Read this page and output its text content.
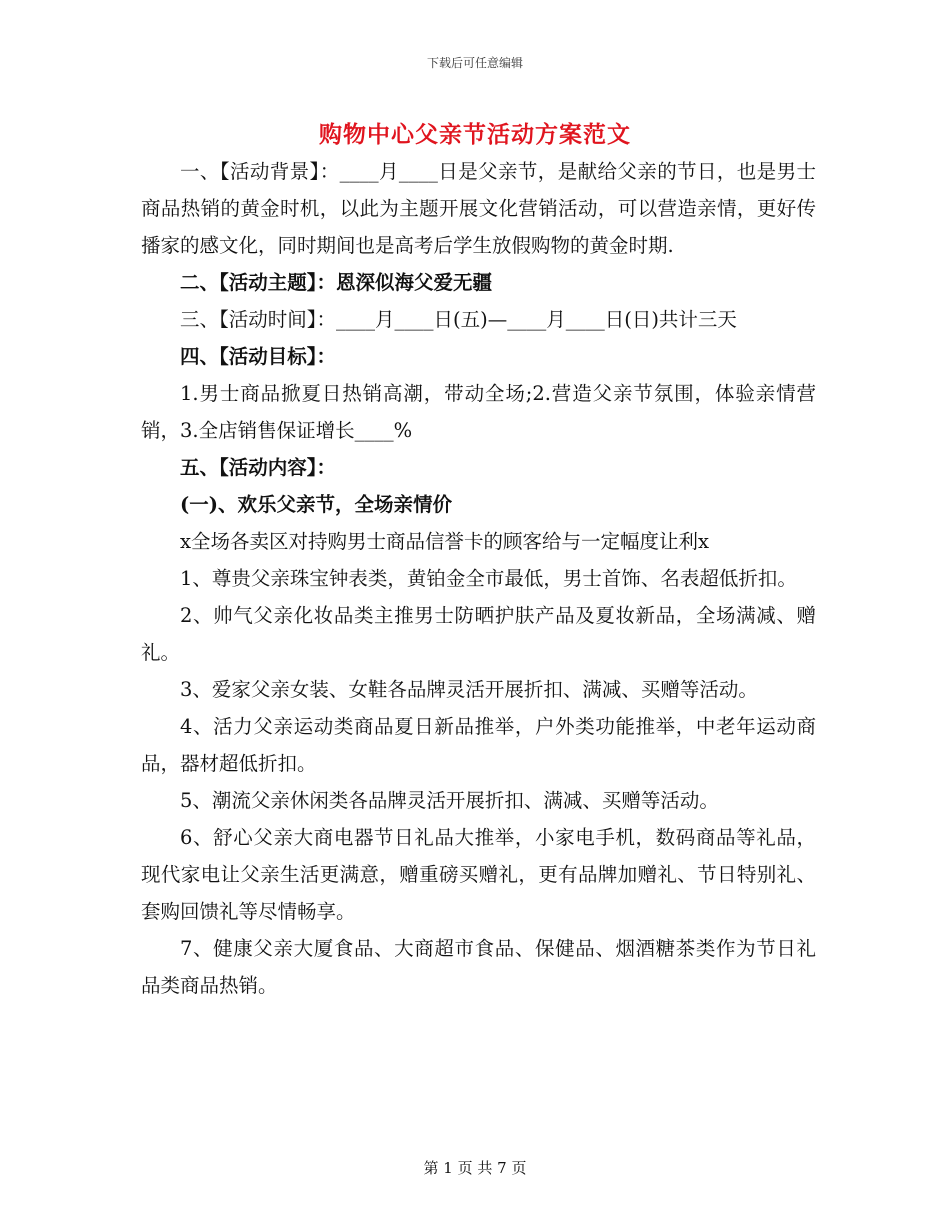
下载后可任意编辑
购物中心父亲节活动方案范文

一、【活动背景】：____月____日是父亲节，是献给父亲的节日，也是男士商品热销的黄金时机，以此为主题开展文化营销活动，可以营造亲情，更好传播家的感文化，同时期间也是高考后学生放假购物的黄金时期.

二、【活动主题】：恩深似海父爱无疆

三、【活动时间】：____月____日(五)—____月____日(日)共计三天

四、【活动目标】：

1.男士商品掀夏日热销高潮，带动全场;2.营造父亲节氛围，体验亲情营销，3.全店销售保证增长____%

五、【活动内容】：

(一)、欢乐父亲节，全场亲情价

x全场各卖区对持购男士商品信誉卡的顾客给与一定幅度让利x

1、尊贵父亲珠宝钟表类，黄铂金全市最低，男士首饰、名表超低折扣。

2、帅气父亲化妆品类主推男士防晒护肤产品及夏妆新品，全场满减、赠礼。

3、爱家父亲女装、女鞋各品牌灵活开展折扣、满减、买赠等活动。

4、活力父亲运动类商品夏日新品推举，户外类功能推举，中老年运动商品，器材超低折扣。

5、潮流父亲休闲类各品牌灵活开展折扣、满减、买赠等活动。

6、舒心父亲大商电器节日礼品大推举，小家电手机，数码商品等礼品，现代家电让父亲生活更满意，赠重磅买赠礼，更有品牌加赠礼、节日特别礼、套购回馈礼等尽情畅享。

7、健康父亲大厦食品、大商超市食品、保健品、烟酒糖茶类作为节日礼品类商品热销。

第 1 页 共 7 页
